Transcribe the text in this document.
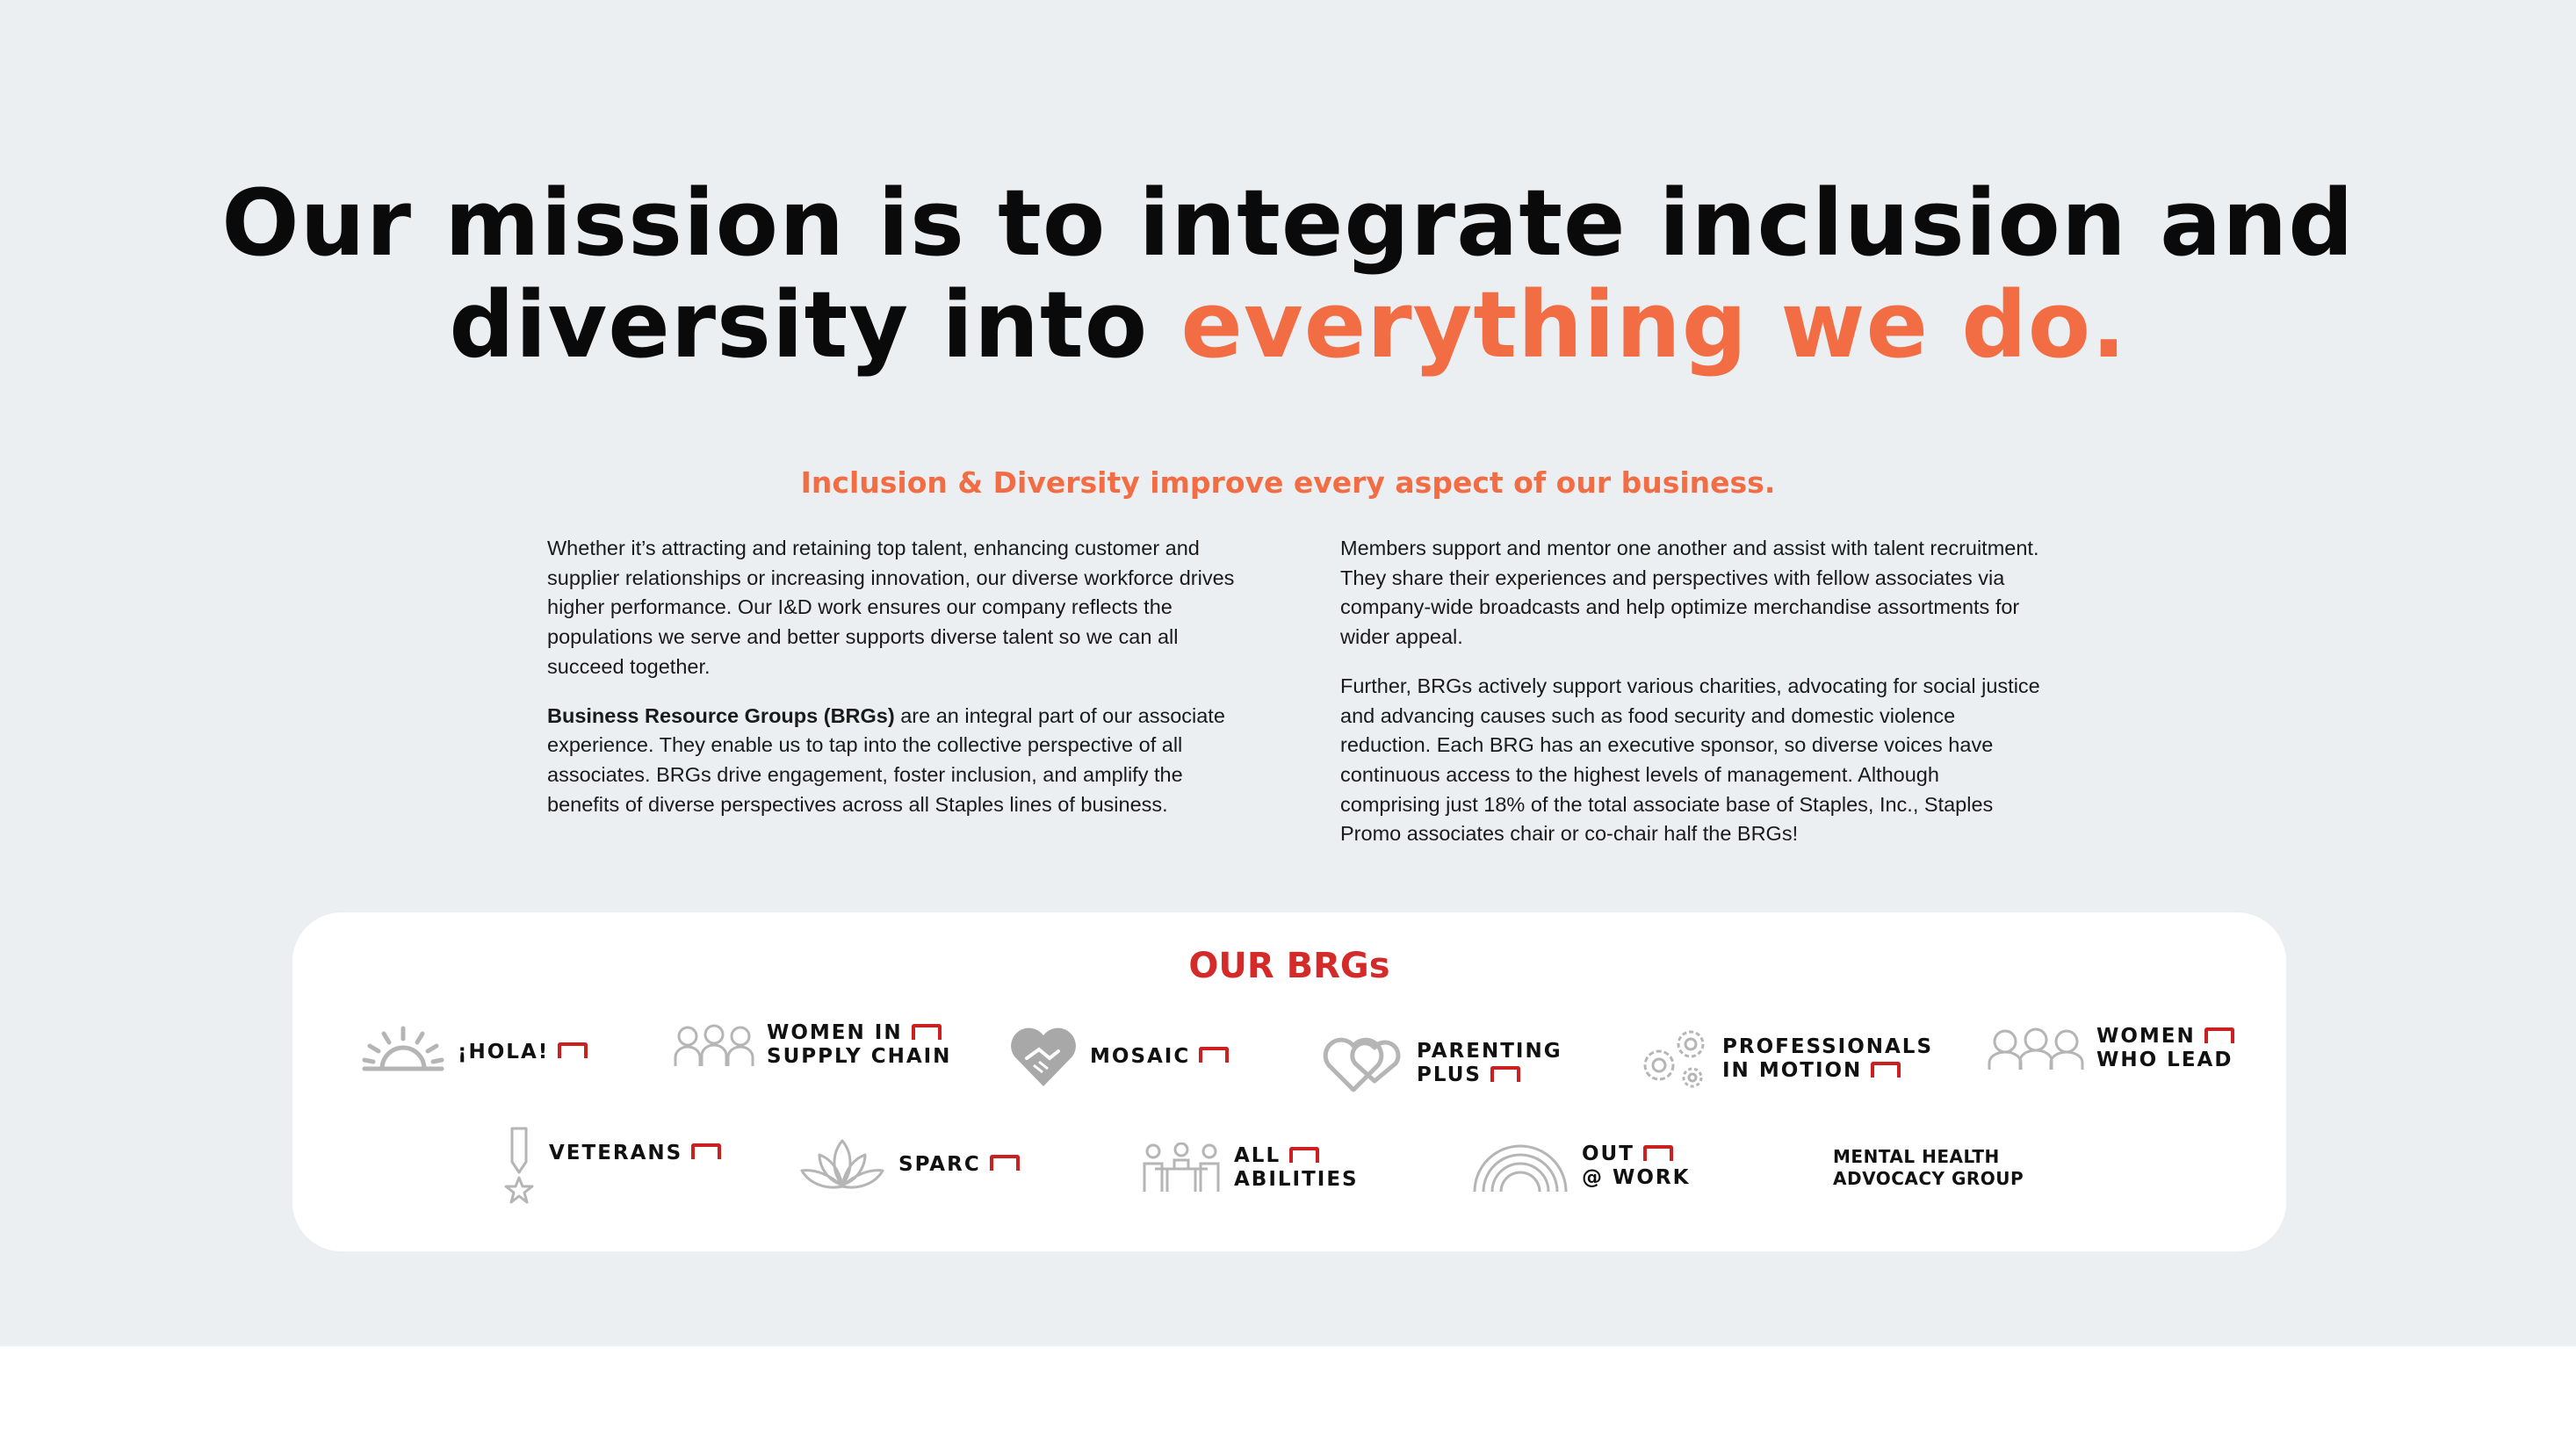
Our mission is to integrate inclusion and
diversity into everything we do.
Inclusion & Diversity improve every aspect of our business.

Whether it’s attracting and retaining top talent, enhancing customer and supplier relationships or increasing innovation, our diverse workforce drives higher performance. Our I&D work ensures our company reflects the populations we serve and better supports diverse talent so we can all succeed together.

Business Resource Groups (BRGs) are an integral part of our associate experience. They enable us to tap into the collective perspective of all associates. BRGs drive engagement, foster inclusion, and amplify the benefits of diverse perspectives across all Staples lines of business.

Members support and mentor one another and assist with talent recruitment. They share their experiences and perspectives with fellow associates via company-wide broadcasts and help optimize merchandise assortments for wider appeal.

Further, BRGs actively support various charities, advocating for social justice and advancing causes such as food security and domestic violence reduction. Each BRG has an executive sponsor, so diverse voices have continuous access to the highest levels of management. Although comprising just 18% of the total associate base of Staples, Inc., Staples Promo associates chair or co-chair half the BRGs!

OUR BRGs
¡HOLA!
WOMEN IN
SUPPLY CHAIN	MOSAIC	PARENTING
PLUS
PROFESSIONALS
IN MOTION
WOMEN
WHO LEAD
VETERANS	SPARC	ALL
ABILITIES
OUT
@ WORK
MENTAL HEALTH
ADVOCACY GROUP
